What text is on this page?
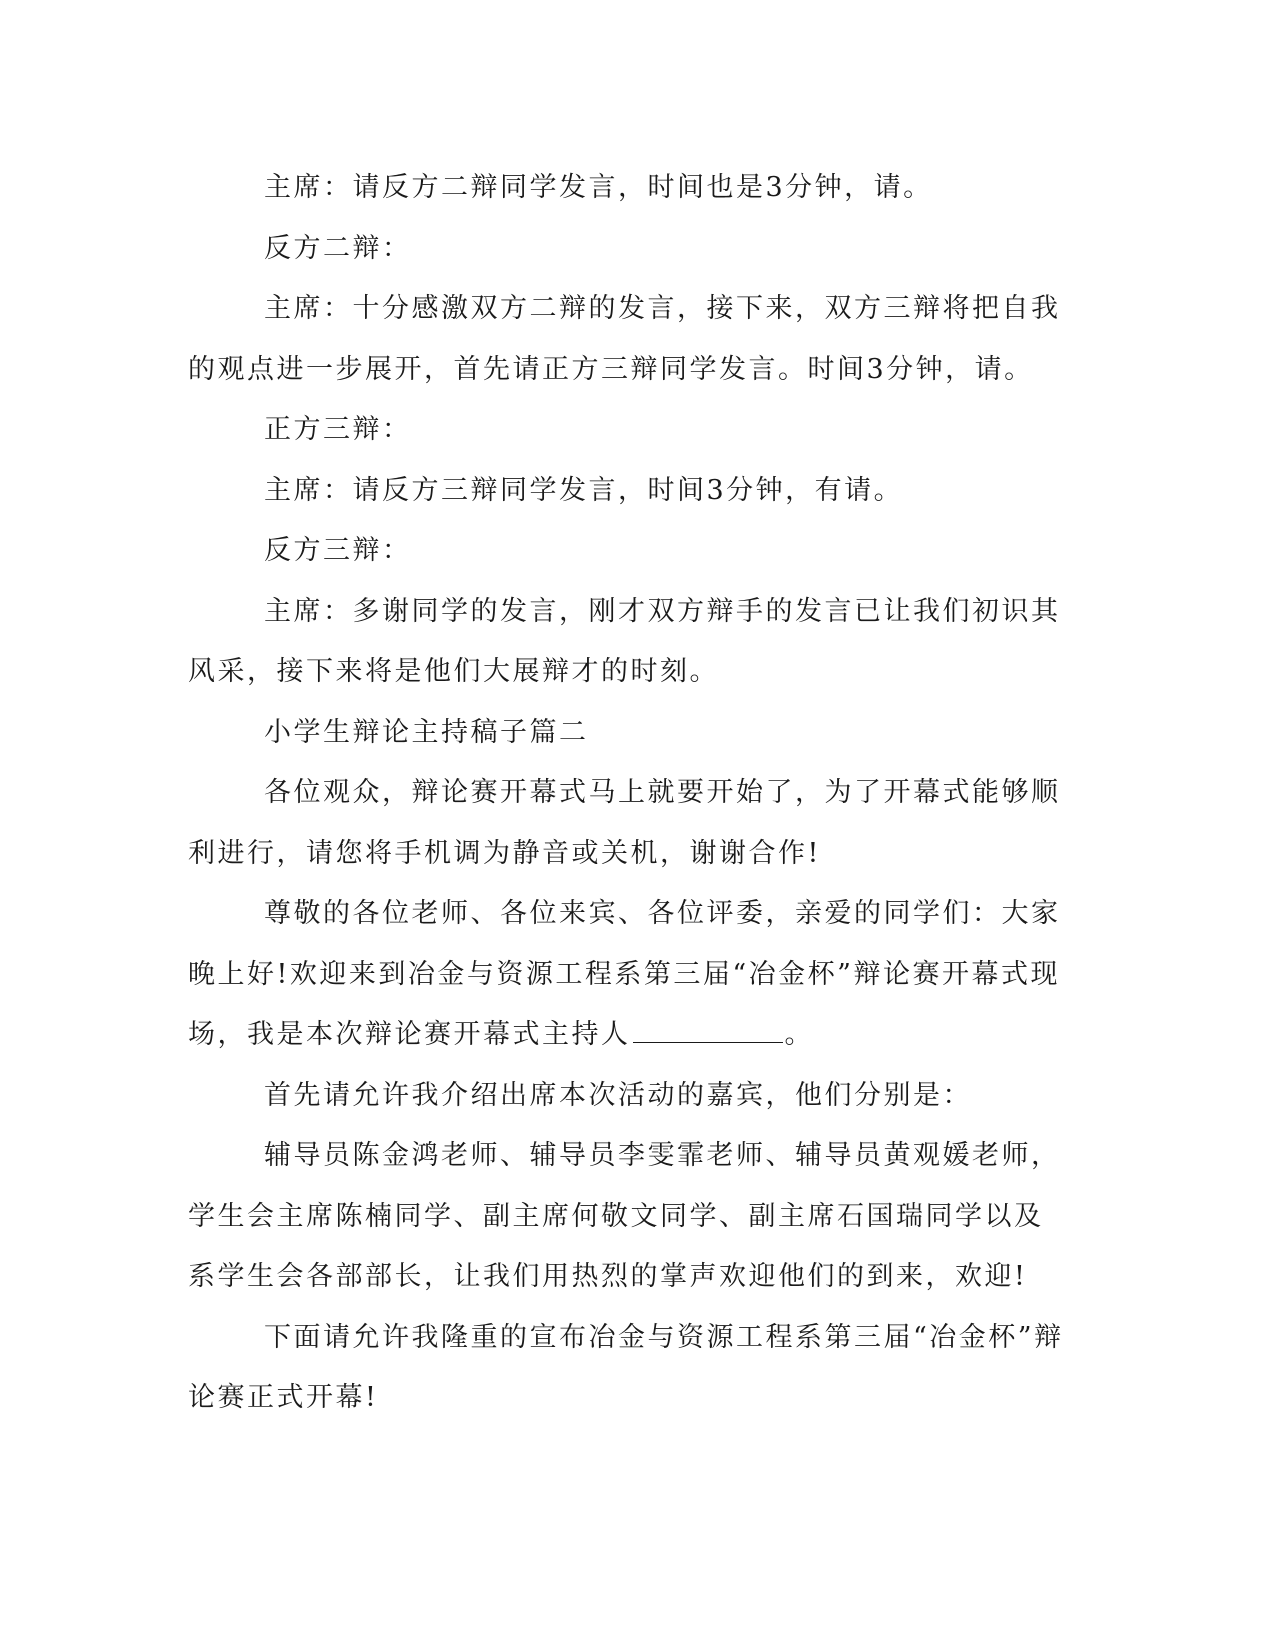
主席：请反方二辩同学发言，时间也是3分钟，请。

反方二辩：

主席：十分感激双方二辩的发言，接下来，双方三辩将把自我的观点进一步展开，首先请正方三辩同学发言。时间3分钟，请。

正方三辩：

主席：请反方三辩同学发言，时间3分钟，有请。

反方三辩：

主席：多谢同学的发言，刚才双方辩手的发言已让我们初识其风采，接下来将是他们大展辩才的时刻。

小学生辩论主持稿子篇二

各位观众，辩论赛开幕式马上就要开始了，为了开幕式能够顺利进行，请您将手机调为静音或关机，谢谢合作!

尊敬的各位老师、各位来宾、各位评委，亲爱的同学们：大家晚上好!欢迎来到冶金与资源工程系第三届“冶金杯”辩论赛开幕式现场，我是本次辩论赛开幕式主持人	。

首先请允许我介绍出席本次活动的嘉宾，他们分别是：

辅导员陈金鸿老师、辅导员李雯霏老师、辅导员黄观媛老师，学生会主席陈楠同学、副主席何敬文同学、副主席石国瑞同学以及系学生会各部部长，让我们用热烈的掌声欢迎他们的到来，欢迎!

下面请允许我隆重的宣布冶金与资源工程系第三届“冶金杯”辩论赛正式开幕!
